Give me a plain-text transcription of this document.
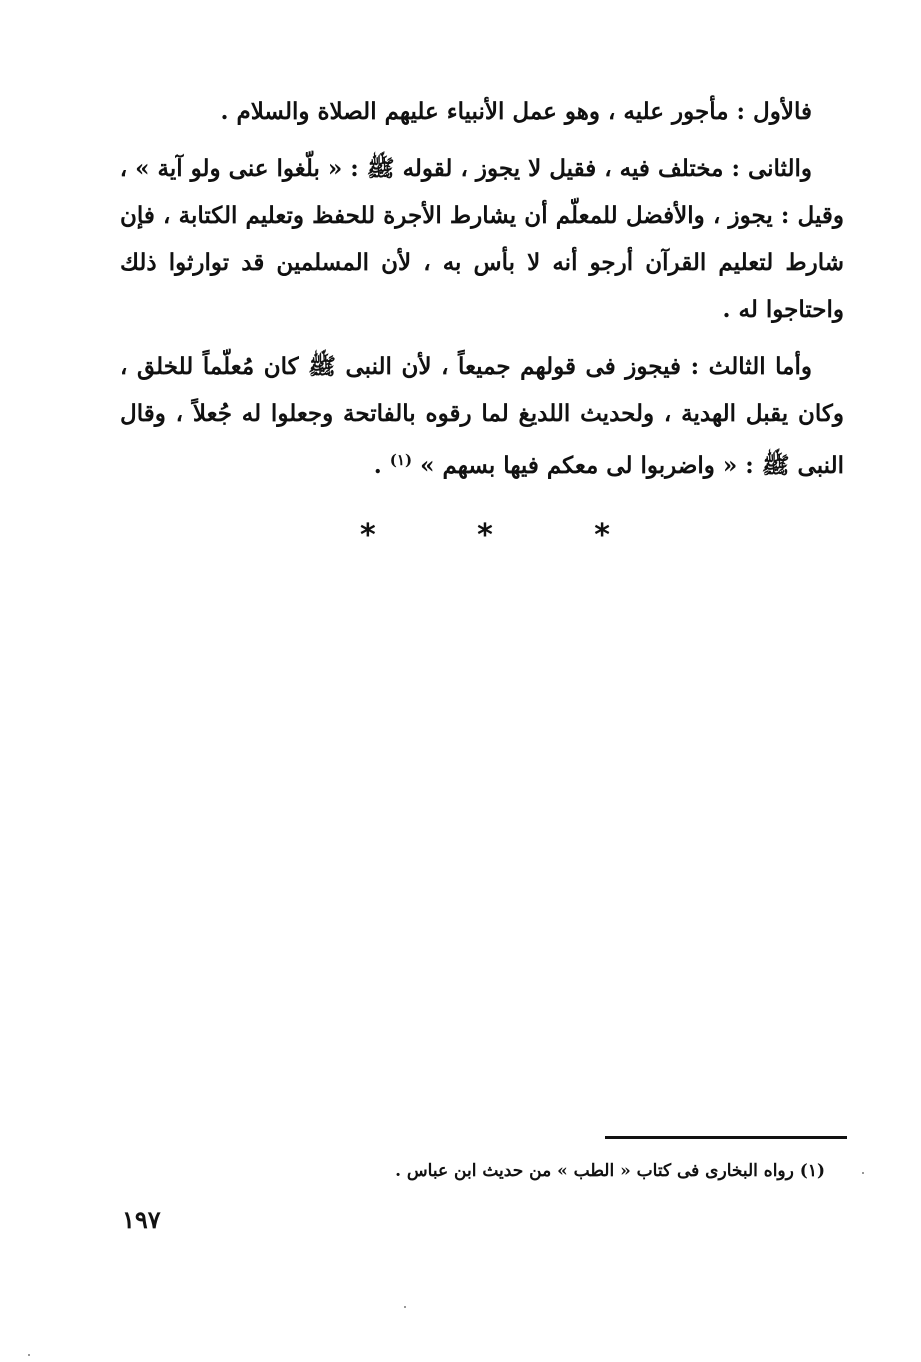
فالأول : مأجور عليه ، وهو عمل الأنبياء عليهم الصلاة والسلام .

والثانى : مختلف فيه ، فقيل لا يجوز ، لقوله ﷺ : « بلّغوا عنى ولو آية » ،
وقيل : يجوز ، والأفضل للمعلّم أن يشارط الأجرة للحفظ وتعليم الكتابة ، فإن
شارط لتعليم القرآن أرجو أنه لا بأس به ، لأن المسلمين قد توارثوا ذلك
واحتاجوا له .

وأما الثالث : فيجوز فى قولهم جميعاً ، لأن النبى ﷺ كان مُعلّماً للخلق ،
وكان يقبل الهدية ، ولحديث اللديغ لما رقوه بالفاتحة وجعلوا له جُعلاً ، وقال
النبى ﷺ : « واضربوا لى معكم فيها بسهم » $^{(١)}$ .

*	*	*
(١) رواه البخارى فى كتاب « الطب » من حديث ابن عباس .
١٩٧
